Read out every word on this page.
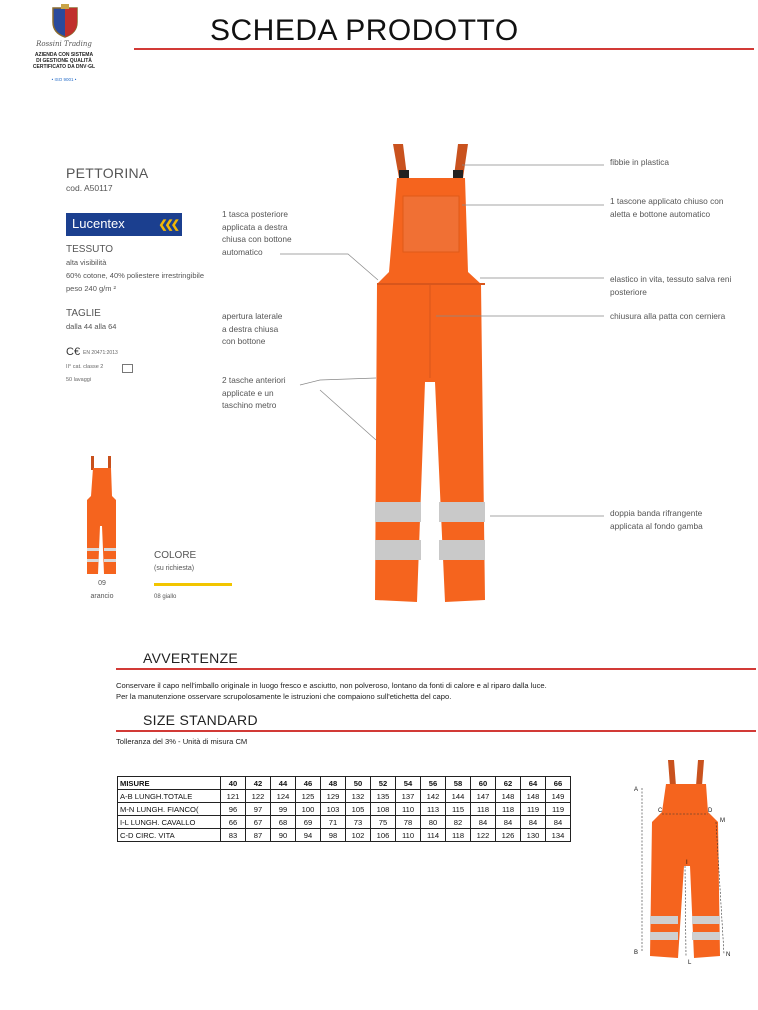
Rossini Trading
AZIENDA CON SISTEMA
DI GESTIONE QUALITÀ
CERTIFICATO DA DNV·GL
• ISO 9001 •
SCHEDA PRODOTTO
PETTORINA
cod. A50117
Lucentex	❮❮❮
TESSUTO
alta visibilità
60% cotone, 40% poliestere irrestringibile
peso 240 g/m ²
TAGLIE
dalla 44 alla 64
C€ EN 20471:2013
II° cat. classe 2
50 lavaggi
09
arancio
COLORE
(su richiesta)
08 giallo
1 tasca posteriore
applicata a destra
chiusa con bottone
automatico
apertura laterale
a destra chiusa
con bottone
2 tasche anteriori
applicate e un
taschino metro
fibbie in plastica
1 tascone applicato chiuso con
aletta e bottone automatico
elastico in vita, tessuto salva reni
posteriore
chiusura alla patta con cerniera
doppia banda rifrangente
applicata al fondo gamba
AVVERTENZE
Conservare il capo nell'imballo originale in luogo fresco e asciutto, non polveroso, lontano da fonti di calore e al riparo dalla luce.
Per la manutenzione osservare scrupolosamente le istruzioni che compaiono sull'etichetta del capo.
SIZE STANDARD
Tolleranza del 3% - Unità di misura CM
MISURE	40	42	44	46	48	50	52	54	56	58	60	62	64	66
A-B LUNGH.TOTALE	121	122	124	125	129	132	135	137	142	144	147	148	148	149
M-N LUNGH. FIANCO(	96	97	99	100	103	105	108	110	113	115	118	118	119	119
I-L LUNGH. CAVALLO	66	67	68	69	71	73	75	78	80	82	84	84	84	84
C-D CIRC. VITA	83	87	90	94	98	102	106	110	114	118	122	126	130	134
A
B
C	D
M
N
I
L
